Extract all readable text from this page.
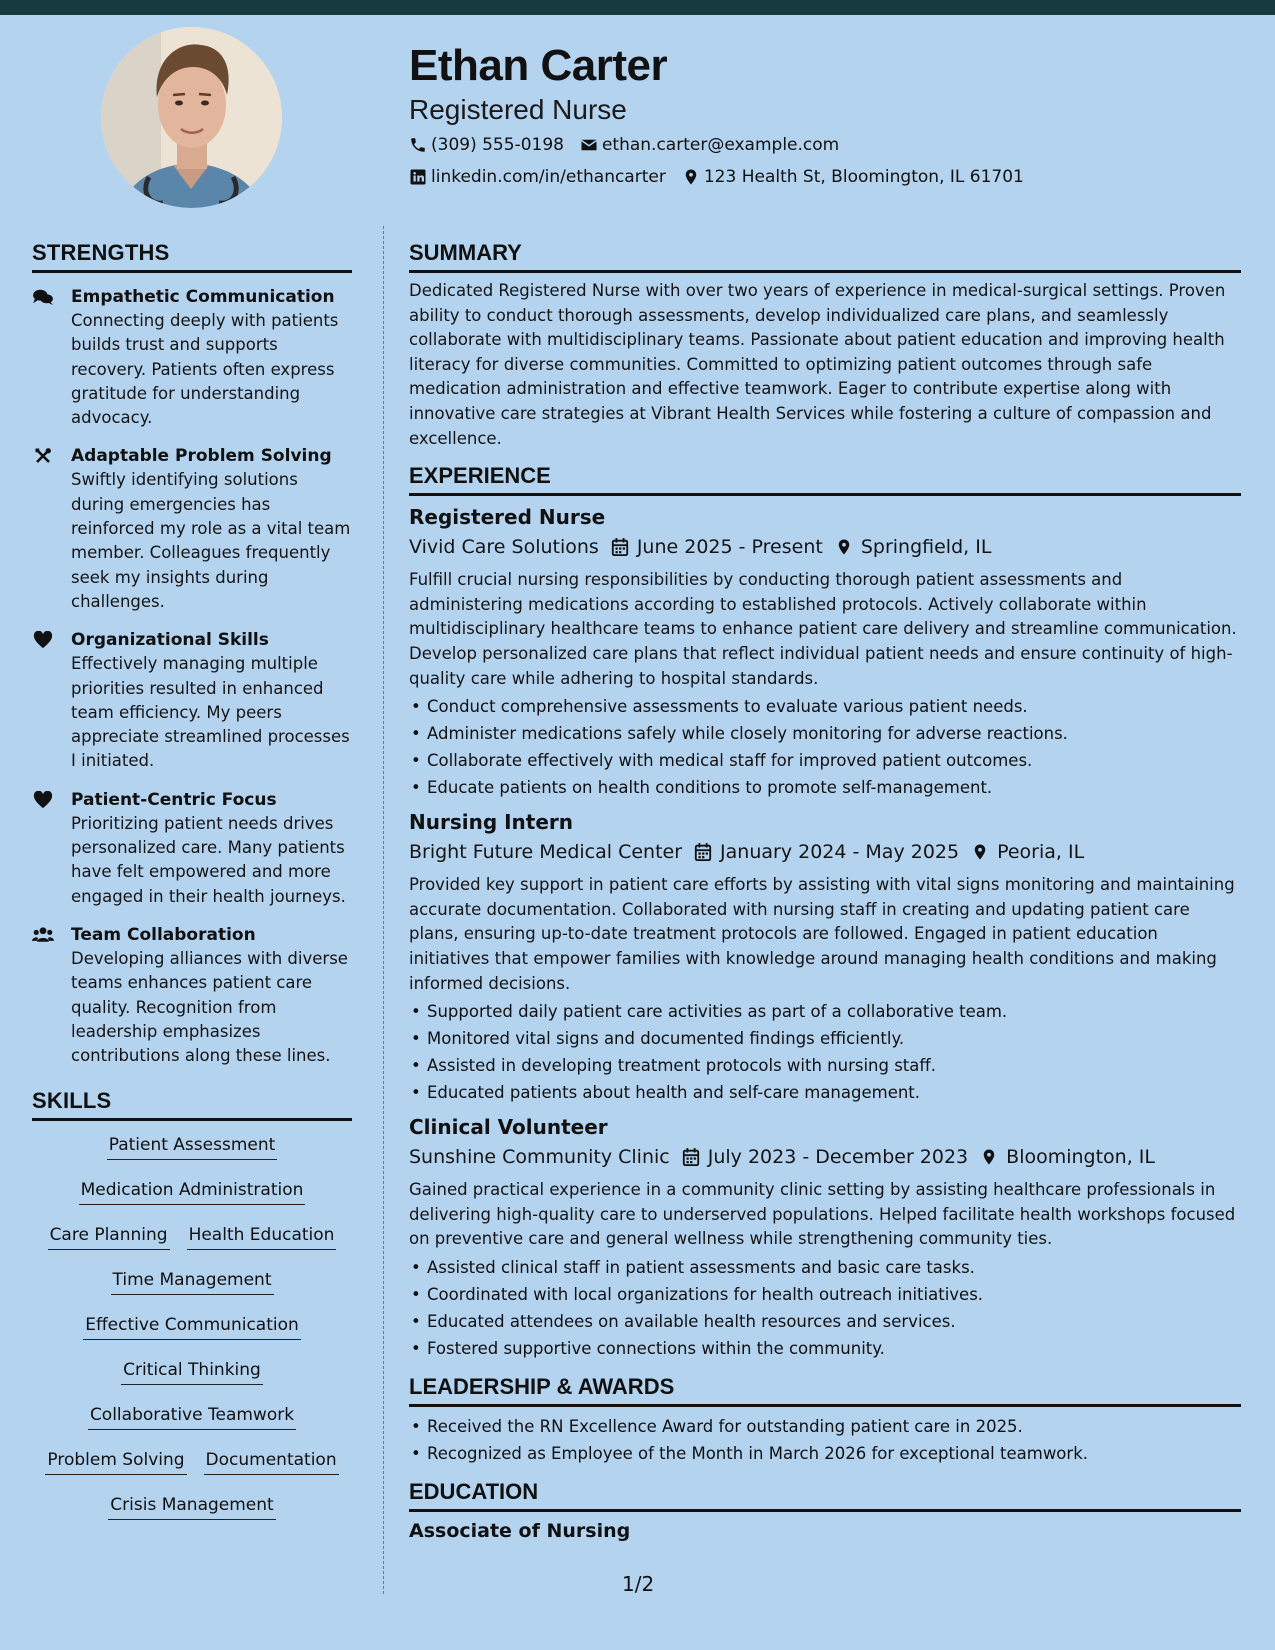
Ethan Carter
Registered Nurse
(309) 555-0198 ethan.carter@example.com
linkedin.com/in/ethancarter 123 Health St, Bloomington, IL 61701
STRENGTHS
Empathetic Communication
Connecting deeply with patients builds trust and supports recovery. Patients often express gratitude for understanding advocacy.
Adaptable Problem Solving
Swiftly identifying solutions during emergencies has reinforced my role as a vital team member. Colleagues frequently seek my insights during challenges.
Organizational Skills
Effectively managing multiple priorities resulted in enhanced team efficiency. My peers appreciate streamlined processes I initiated.
Patient-Centric Focus
Prioritizing patient needs drives personalized care. Many patients have felt empowered and more engaged in their health journeys.
Team Collaboration
Developing alliances with diverse teams enhances patient care quality. Recognition from leadership emphasizes contributions along these lines.
SKILLS
Patient Assessment
Medication Administration
Care Planning Health Education
Time Management
Effective Communication
Critical Thinking
Collaborative Teamwork
Problem Solving Documentation
Crisis Management
SUMMARY
Dedicated Registered Nurse with over two years of experience in medical-surgical settings. Proven ability to conduct thorough assessments, develop individualized care plans, and seamlessly collaborate with multidisciplinary teams. Passionate about patient education and improving health literacy for diverse communities. Committed to optimizing patient outcomes through safe medication administration and effective teamwork. Eager to contribute expertise along with innovative care strategies at Vibrant Health Services while fostering a culture of compassion and excellence.
EXPERIENCE
Registered Nurse
Vivid Care Solutions June 2025 - Present Springfield, IL
Fulfill crucial nursing responsibilities by conducting thorough patient assessments and administering medications according to established protocols. Actively collaborate within multidisciplinary healthcare teams to enhance patient care delivery and streamline communication. Develop personalized care plans that reflect individual patient needs and ensure continuity of high-quality care while adhering to hospital standards.
• Conduct comprehensive assessments to evaluate various patient needs.
• Administer medications safely while closely monitoring for adverse reactions.
• Collaborate effectively with medical staff for improved patient outcomes.
• Educate patients on health conditions to promote self-management.
Nursing Intern
Bright Future Medical Center January 2024 - May 2025 Peoria, IL
Provided key support in patient care efforts by assisting with vital signs monitoring and maintaining accurate documentation. Collaborated with nursing staff in creating and updating patient care plans, ensuring up-to-date treatment protocols are followed. Engaged in patient education initiatives that empower families with knowledge around managing health conditions and making informed decisions.
• Supported daily patient care activities as part of a collaborative team.
• Monitored vital signs and documented findings efficiently.
• Assisted in developing treatment protocols with nursing staff.
• Educated patients about health and self-care management.
Clinical Volunteer
Sunshine Community Clinic July 2023 - December 2023 Bloomington, IL
Gained practical experience in a community clinic setting by assisting healthcare professionals in delivering high-quality care to underserved populations. Helped facilitate health workshops focused on preventive care and general wellness while strengthening community ties.
• Assisted clinical staff in patient assessments and basic care tasks.
• Coordinated with local organizations for health outreach initiatives.
• Educated attendees on available health resources and services.
• Fostered supportive connections within the community.
LEADERSHIP & AWARDS
• Received the RN Excellence Award for outstanding patient care in 2025.
• Recognized as Employee of the Month in March 2026 for exceptional teamwork.
EDUCATION
Associate of Nursing
1/2
